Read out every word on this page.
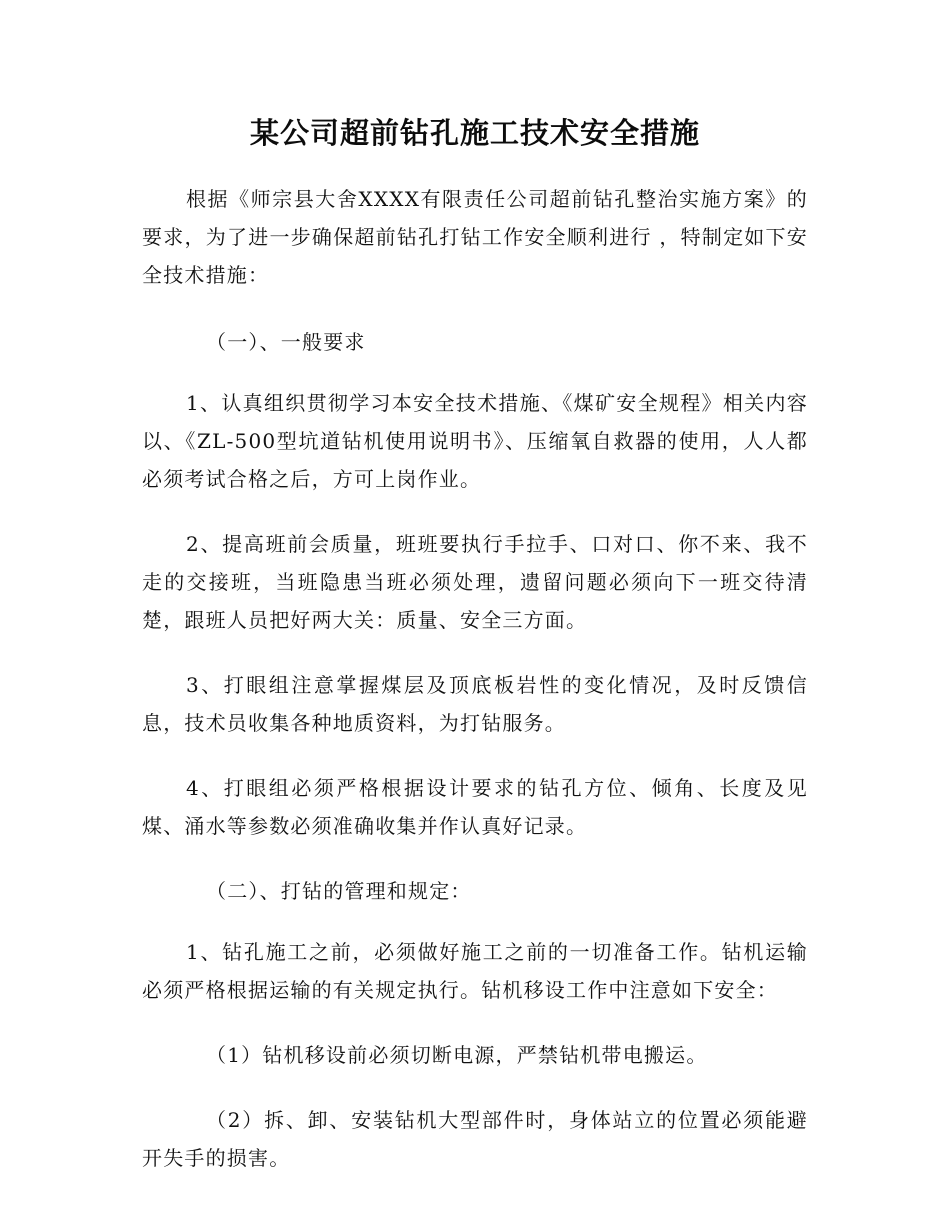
某公司超前钻孔施工技术安全措施

根据《师宗县大舍XXXX有限责任公司超前钻孔整治实施方案》的要求，为了进一步确保超前钻孔打钻工作安全顺利进行 ，特制定如下安全技术措施：

（一）、一般要求

1、认真组织贯彻学习本安全技术措施、《煤矿安全规程》相关内容以、《ZL-500型坑道钻机使用说明书》、压缩氧自救器的使用，人人都必须考试合格之后，方可上岗作业。

2、提高班前会质量，班班要执行手拉手、口对口、你不来、我不走的交接班，当班隐患当班必须处理，遗留问题必须向下一班交待清楚，跟班人员把好两大关：质量、安全三方面。

3、打眼组注意掌握煤层及顶底板岩性的变化情况，及时反馈信息，技术员收集各种地质资料，为打钻服务。

4、打眼组必须严格根据设计要求的钻孔方位、倾角、长度及见煤、涌水等参数必须准确收集并作认真好记录。

（二）、打钻的管理和规定：

1、钻孔施工之前，必须做好施工之前的一切准备工作。钻机运输必须严格根据运输的有关规定执行。钻机移设工作中注意如下安全：

（1）钻机移设前必须切断电源，严禁钻机带电搬运。

（2）拆、卸、安装钻机大型部件时，身体站立的位置必须能避开失手的损害。
